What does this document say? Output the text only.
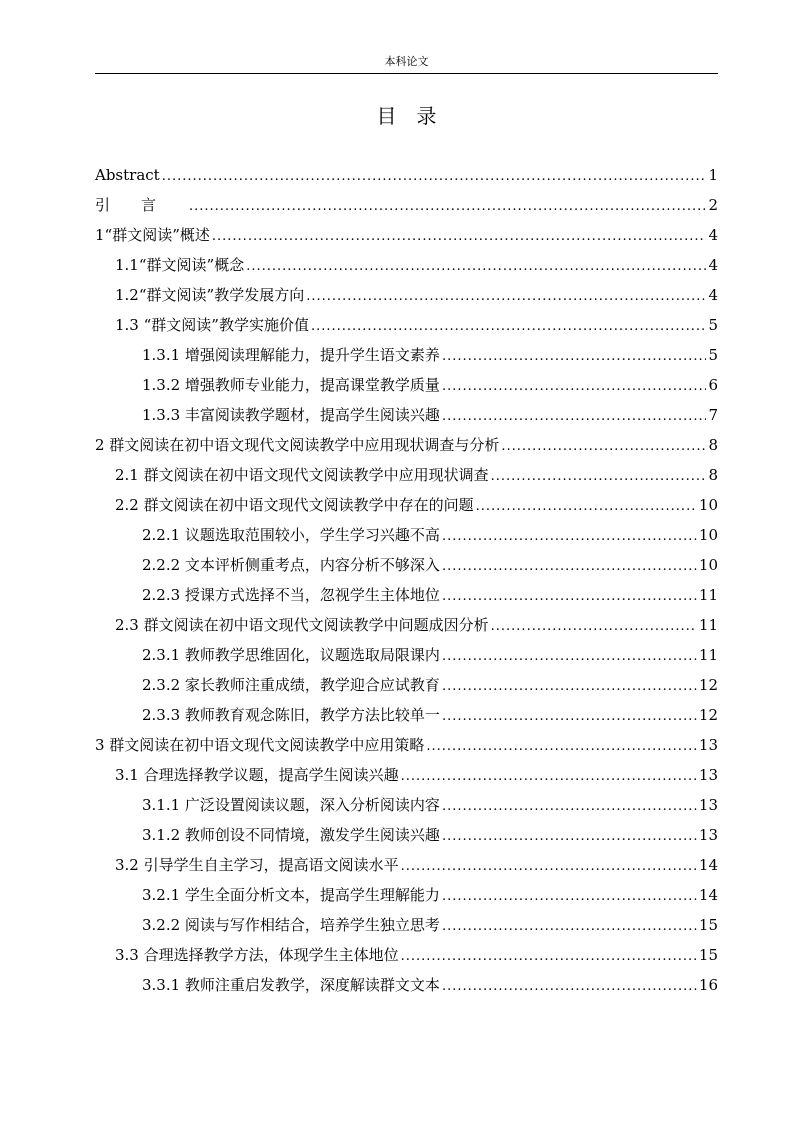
本科论文
目录
Abstract .....	1
引言 .....	2
1“群文阅读”概述 .....	4
1.1“群文阅读”概念 .....	4
1.2“群文阅读”教学发展方向 .....	4
1.3 “群文阅读”教学实施价值 .....	5
1.3.1 增强阅读理解能力，提升学生语文素养 .....	5
1.3.2 增强教师专业能力，提高课堂教学质量 .....	6
1.3.3 丰富阅读教学题材，提高学生阅读兴趣 .....	7
2 群文阅读在初中语文现代文阅读教学中应用现状调查与分析 .....	8
2.1 群文阅读在初中语文现代文阅读教学中应用现状调查 .....	8
2.2 群文阅读在初中语文现代文阅读教学中存在的问题 .....	10
2.2.1 议题选取范围较小，学生学习兴趣不高 .....	10
2.2.2 文本评析侧重考点，内容分析不够深入 .....	10
2.2.3 授课方式选择不当，忽视学生主体地位 .....	11
2.3 群文阅读在初中语文现代文阅读教学中问题成因分析 .....	11
2.3.1 教师教学思维固化，议题选取局限课内 .....	11
2.3.2 家长教师注重成绩，教学迎合应试教育 .....	12
2.3.3 教师教育观念陈旧，教学方法比较单一 .....	12
3 群文阅读在初中语文现代文阅读教学中应用策略 .....	13
3.1 合理选择教学议题，提高学生阅读兴趣 .....	13
3.1.1 广泛设置阅读议题，深入分析阅读内容 .....	13
3.1.2 教师创设不同情境，激发学生阅读兴趣 .....	13
3.2 引导学生自主学习，提高语文阅读水平 .....	14
3.2.1 学生全面分析文本，提高学生理解能力 .....	14
3.2.2 阅读与写作相结合，培养学生独立思考 .....	15
3.3 合理选择教学方法，体现学生主体地位 .....	15
3.3.1 教师注重启发教学，深度解读群文文本 .....	16
